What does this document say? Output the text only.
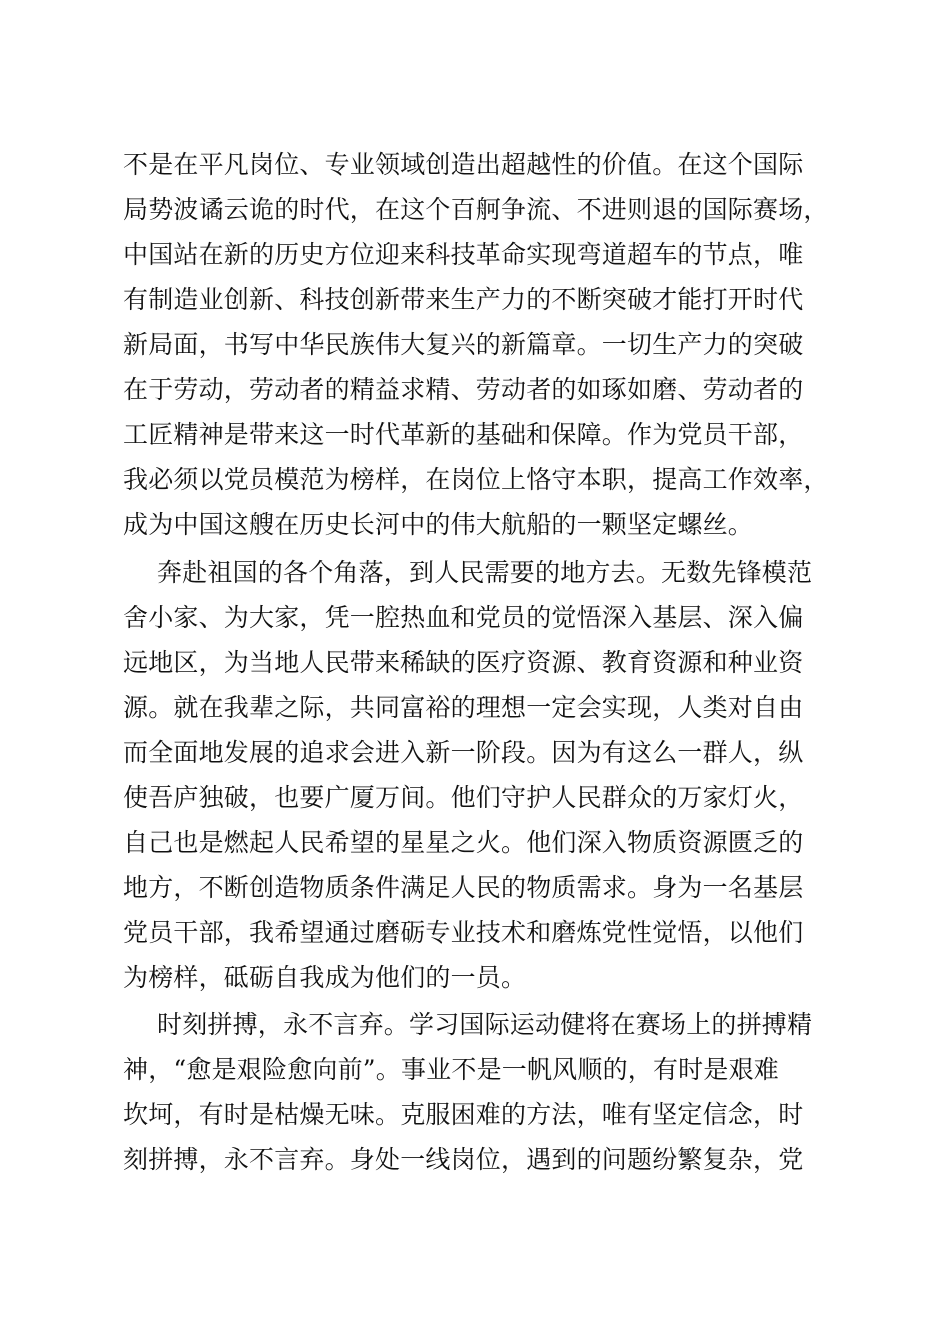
不是在平凡岗位、专业领域创造出超越性的价值。在这个国际
局势波谲云诡的时代，在这个百舸争流、不进则退的国际赛场，
中国站在新的历史方位迎来科技革命实现弯道超车的节点，唯
有制造业创新、科技创新带来生产力的不断突破才能打开时代
新局面，书写中华民族伟大复兴的新篇章。一切生产力的突破
在于劳动，劳动者的精益求精、劳动者的如琢如磨、劳动者的
工匠精神是带来这一时代革新的基础和保障。作为党员干部，
我必须以党员模范为榜样，在岗位上恪守本职，提高工作效率，
成为中国这艘在历史长河中的伟大航船的一颗坚定螺丝。
奔赴祖国的各个角落，到人民需要的地方去。无数先锋模范
舍小家、为大家，凭一腔热血和党员的觉悟深入基层、深入偏
远地区，为当地人民带来稀缺的医疗资源、教育资源和种业资
源。就在我辈之际，共同富裕的理想一定会实现，人类对自由
而全面地发展的追求会进入新一阶段。因为有这么一群人，纵
使吾庐独破，也要广厦万间。他们守护人民群众的万家灯火，
自己也是燃起人民希望的星星之火。他们深入物质资源匮乏的
地方，不断创造物质条件满足人民的物质需求。身为一名基层
党员干部，我希望通过磨砺专业技术和磨炼党性觉悟，以他们
为榜样，砥砺自我成为他们的一员。
时刻拼搏，永不言弃。学习国际运动健将在赛场上的拼搏精
神，“愈是艰险愈向前”。事业不是一帆风顺的，有时是艰难
坎坷，有时是枯燥无味。克服困难的方法，唯有坚定信念，时
刻拼搏，永不言弃。身处一线岗位，遇到的问题纷繁复杂，党
